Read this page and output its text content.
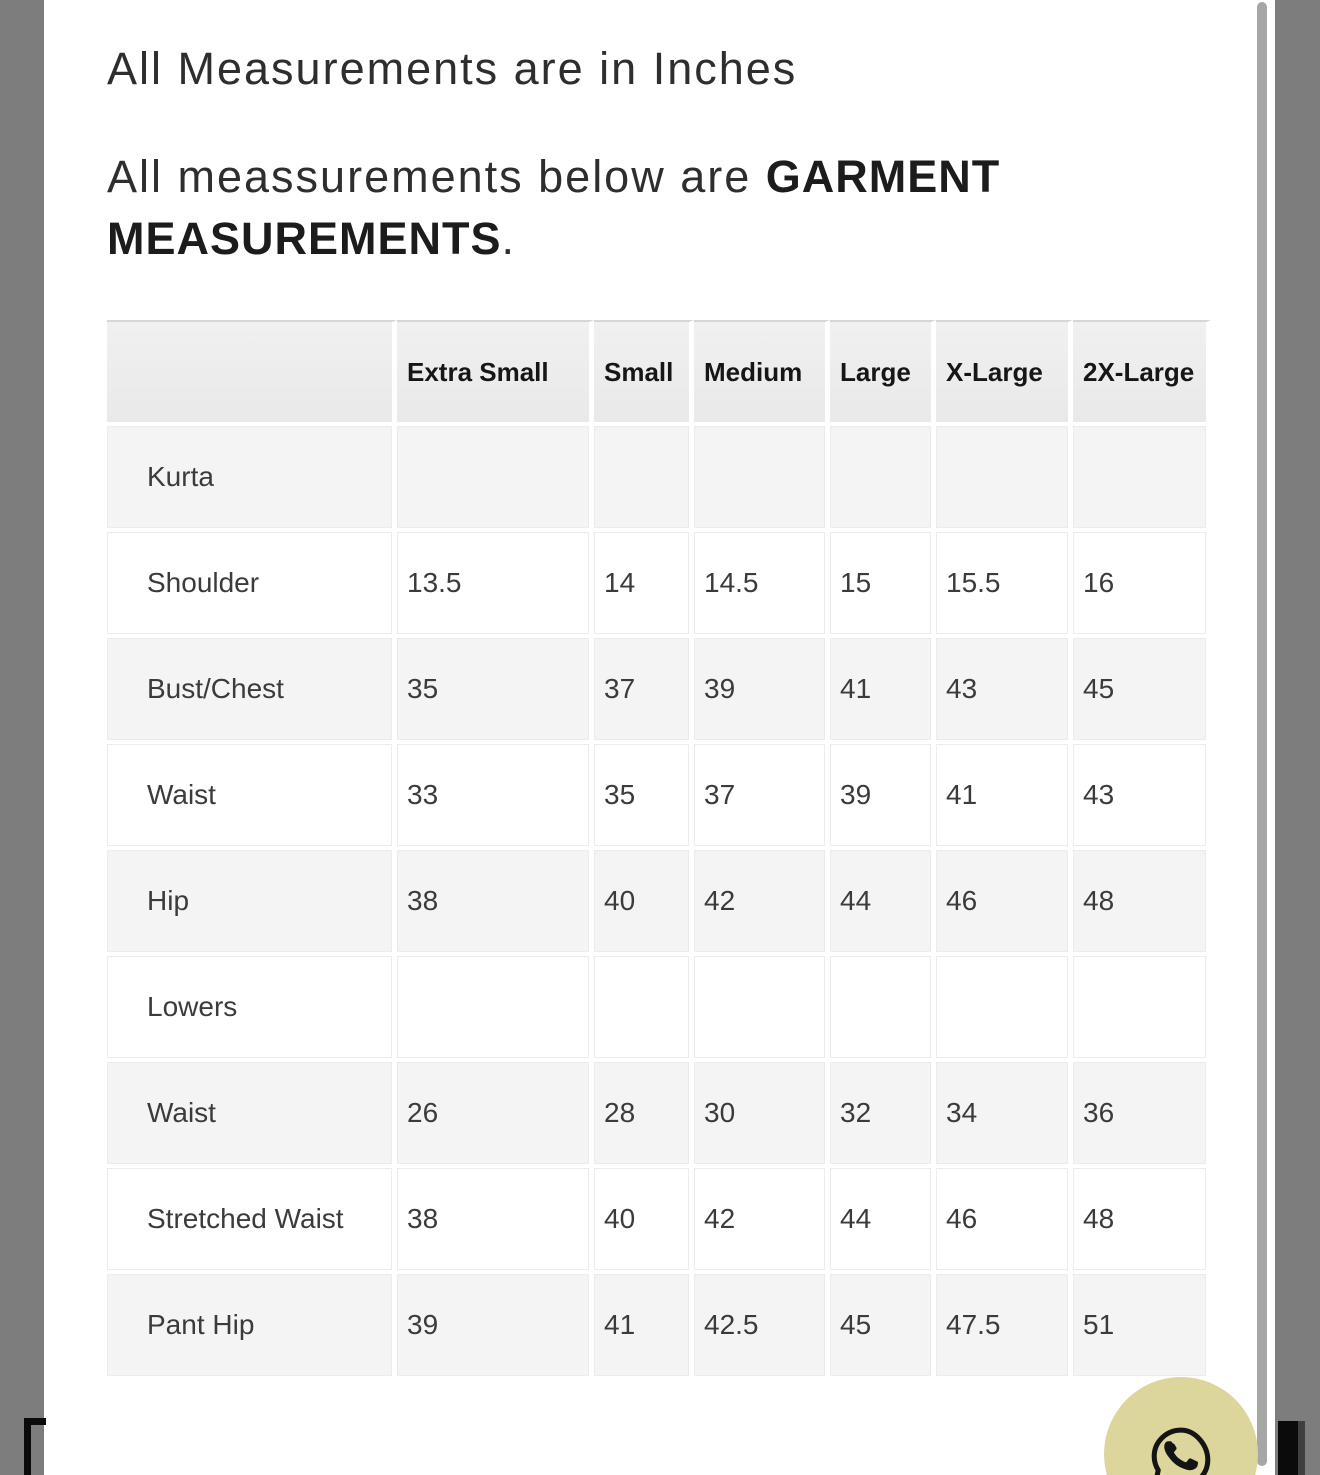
All Measurements are in Inches

All meassurements below are GARMENT MEASUREMENTS.

	Extra Small	Small	Medium	Large	X-Large	2X-Large
Kurta						
Shoulder	13.5	14	14.5	15	15.5	16
Bust/Chest	35	37	39	41	43	45
Waist	33	35	37	39	41	43
Hip	38	40	42	44	46	48
Lowers						
Waist	26	28	30	32	34	36
Stretched Waist	38	40	42	44	46	48
Pant Hip	39	41	42.5	45	47.5	51
